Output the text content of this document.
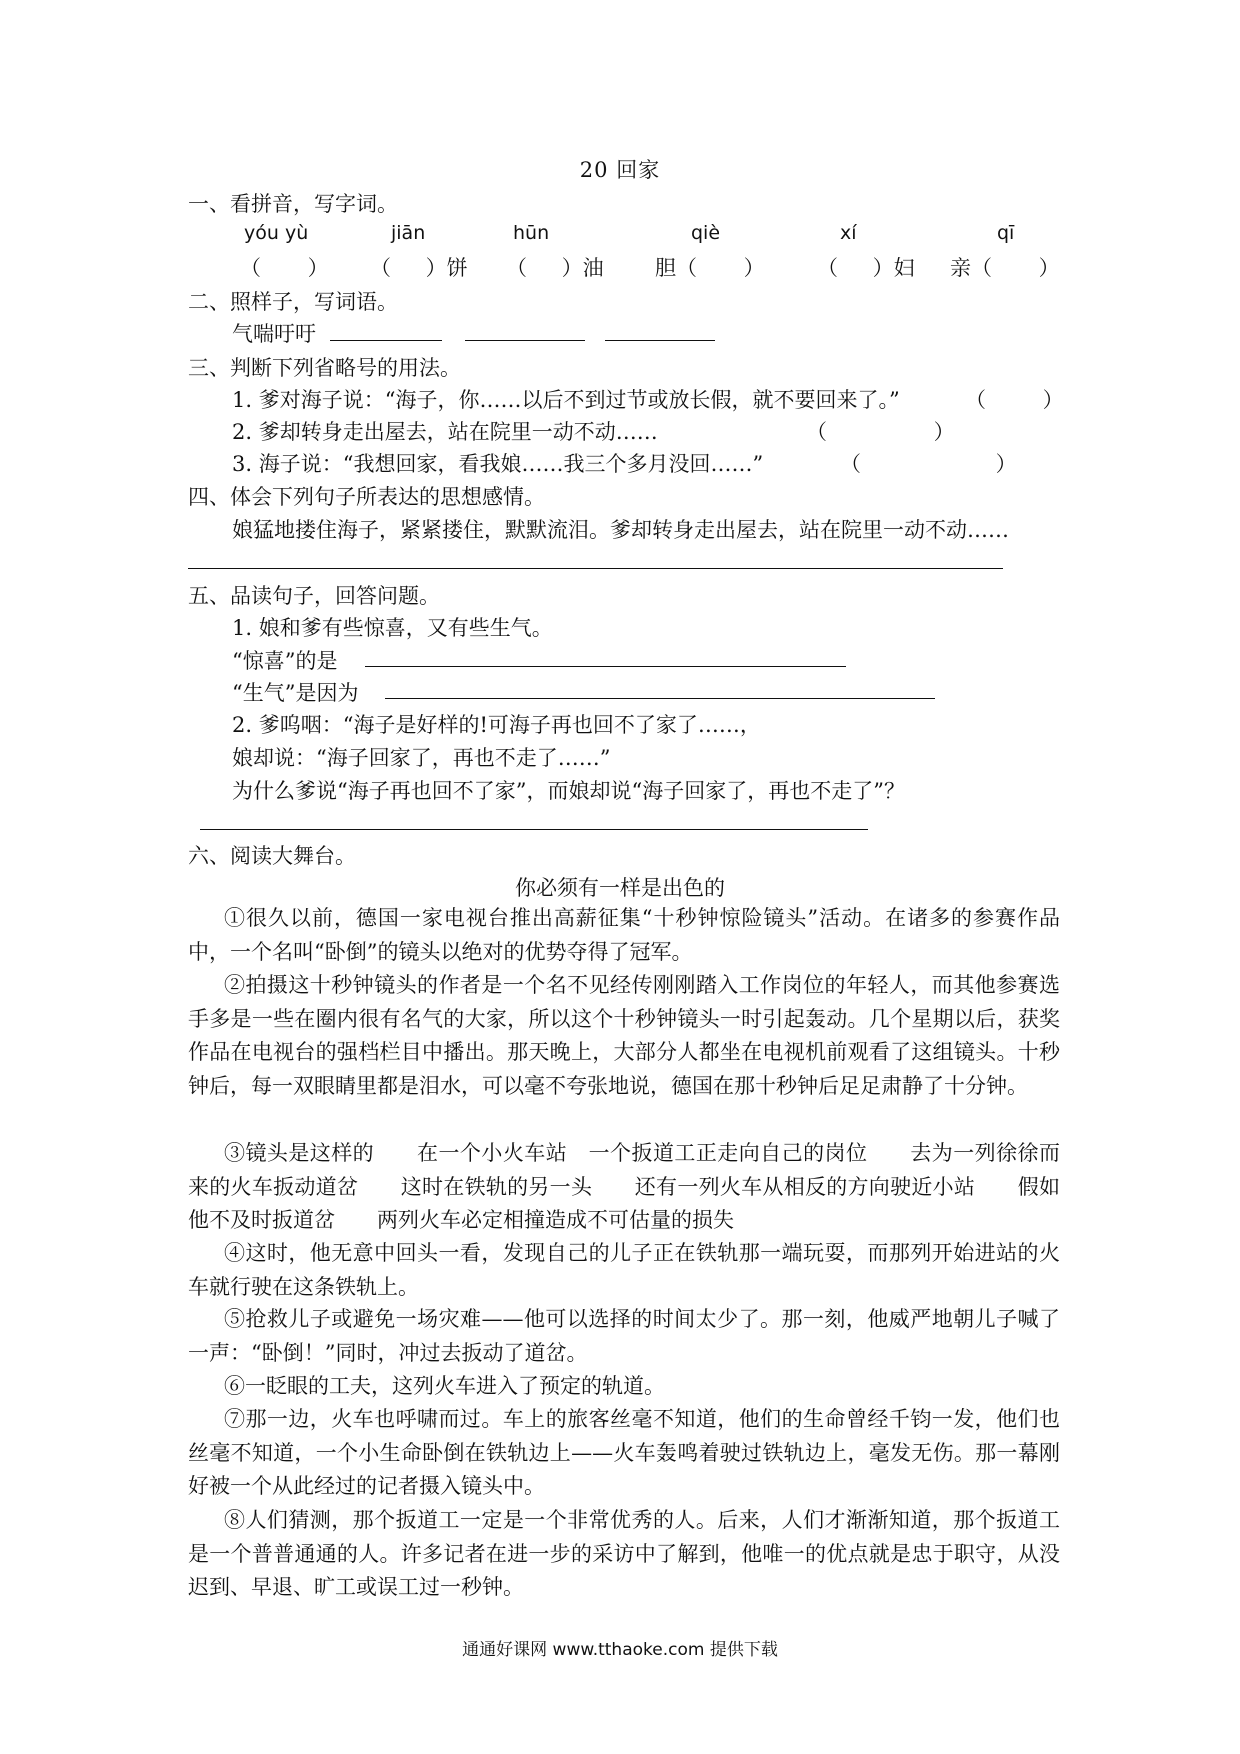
20 回家
一、看拼音，写字词。
yóu yù	jiān	hūn	qiè	xí	qī
（ ） （ ）饼 （ ）油 胆（ ） （ ）妇 亲（ ）
二、照样子，写词语。
气喘吁吁
三、判断下列省略号的用法。
1. 爹对海子说：“海子，你……以后不到过节或放长假，就不要回来了。”	（ ）
2. 爹却转身走出屋去，站在院里一动不动……	（ ）
3. 海子说：“我想回家，看我娘……我三个多月没回……”	（ ）
四、体会下列句子所表达的思想感情。
娘猛地搂住海子，紧紧搂住，默默流泪。爹却转身走出屋去，站在院里一动不动……
五、品读句子，回答问题。
1. 娘和爹有些惊喜，又有些生气。
“惊喜”的是
“生气”是因为
2. 爹呜咽：“海子是好样的!可海子再也回不了家了……，
娘却说：“海子回家了，再也不走了……”
为什么爹说“海子再也回不了家”，而娘却说“海子回家了，再也不走了”？
六、阅读大舞台。
你必须有一样是出色的
①很久以前，德国一家电视台推出高薪征集“十秒钟惊险镜头”活动。在诸多的参赛作品中，一个名叫“卧倒”的镜头以绝对的优势夺得了冠军。
②拍摄这十秒钟镜头的作者是一个名不见经传刚刚踏入工作岗位的年轻人，而其他参赛选手多是一些在圈内很有名气的大家，所以这个十秒钟镜头一时引起轰动。几个星期以后，获奖作品在电视台的强档栏目中播出。那天晚上，大部分人都坐在电视机前观看了这组镜头。十秒钟后，每一双眼睛里都是泪水，可以毫不夸张地说，德国在那十秒钟后足足肃静了十分钟。
③镜头是这样的　　在一个小火车站　一个扳道工正走向自己的岗位　　去为一列徐徐而来的火车扳动道岔　　这时在铁轨的另一头　　还有一列火车从相反的方向驶近小站　　假如他不及时扳道岔　　两列火车必定相撞造成不可估量的损失
④这时，他无意中回头一看，发现自己的儿子正在铁轨那一端玩耍，而那列开始进站的火车就行驶在这条铁轨上。
⑤抢救儿子或避免一场灾难——他可以选择的时间太少了。那一刻，他威严地朝儿子喊了一声：“卧倒！”同时，冲过去扳动了道岔。
⑥一眨眼的工夫，这列火车进入了预定的轨道。
⑦那一边，火车也呼啸而过。车上的旅客丝毫不知道，他们的生命曾经千钧一发，他们也丝毫不知道，一个小生命卧倒在铁轨边上——火车轰鸣着驶过铁轨边上，毫发无伤。那一幕刚好被一个从此经过的记者摄入镜头中。
⑧人们猜测，那个扳道工一定是一个非常优秀的人。后来，人们才渐渐知道，那个扳道工是一个普普通通的人。许多记者在进一步的采访中了解到，他唯一的优点就是忠于职守，从没迟到、早退、旷工或误工过一秒钟。
通通好课网 www.tthaoke.com 提供下载
